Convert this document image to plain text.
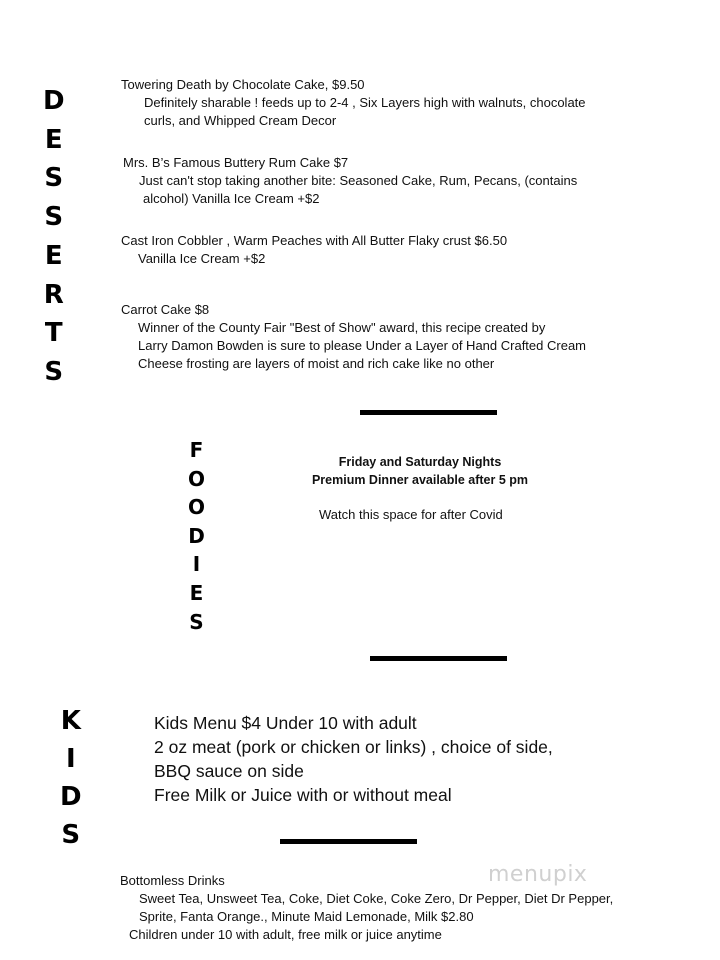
D
E
S
S
E
R
T
S
Towering Death by Chocolate Cake, $9.50
Definitely sharable ! feeds up to 2-4 , Six Layers high with walnuts, chocolate
curls, and Whipped Cream Decor
Mrs. B’s Famous Buttery Rum Cake $7
Just can't stop taking another bite: Seasoned Cake, Rum, Pecans, (contains
alcohol) Vanilla Ice Cream +$2
Cast Iron Cobbler , Warm Peaches with All Butter Flaky crust $6.50
Vanilla Ice Cream +$2
Carrot Cake $8
Winner of the County Fair "Best of Show" award, this recipe created by
Larry Damon Bowden is sure to please Under a Layer of Hand Crafted Cream
Cheese frosting are layers of moist and rich cake like no other
F
O
O
D
I
E
S
Friday and Saturday Nights
Premium Dinner available after 5 pm
Watch this space for after Covid
K
I
D
S
Kids Menu $4 Under 10 with adult
2 oz meat (pork or chicken or links) , choice of side,
BBQ sauce on side
Free Milk or Juice with or without meal
menupix
Bottomless Drinks
Sweet Tea, Unsweet Tea, Coke, Diet Coke, Coke Zero, Dr Pepper, Diet Dr Pepper,
Sprite, Fanta Orange., Minute Maid Lemonade, Milk $2.80
Children under 10 with adult, free milk or juice anytime
